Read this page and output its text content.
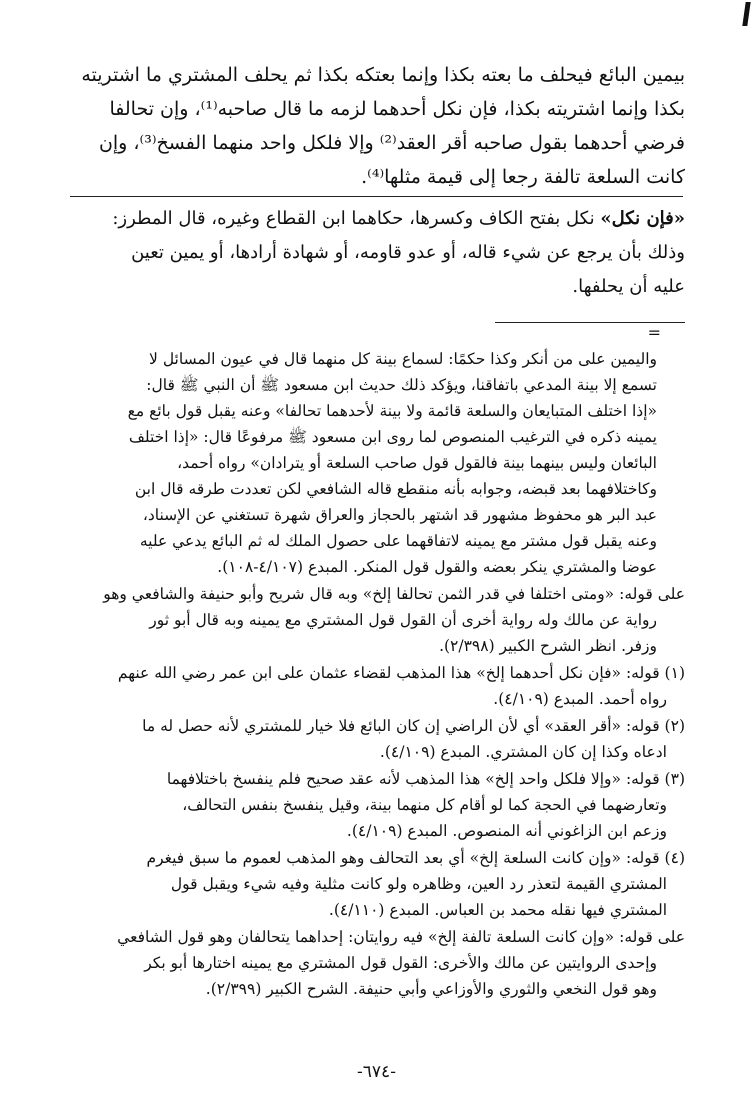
بيمين البائع فيحلف ما بعته بكذا وإنما بعتكه بكذا ثم يحلف المشتري ما اشتريته
بكذا وإنما اشتريته بكذا، فإن نكل أحدهما لزمه ما قال صاحبه⁽¹⁾، وإن تحالفا
فرضي أحدهما بقول صاحبه أقر العقد⁽²⁾ وإلا فلكل واحد منهما الفسخ⁽³⁾، وإن
كانت السلعة تالفة رجعا إلى قيمة مثلها⁽⁴⁾.
«فإن نكل» نكل بفتح الكاف وكسرها، حكاهما ابن القطاع وغيره، قال المطرز:
وذلك بأن يرجع عن شيء قاله، أو عدو قاومه، أو شهادة أرادها، أو يمين تعين
عليه أن يحلفها.
=
واليمين على من أنكر وكذا حكمًا: لسماع بينة كل منهما قال في عيون المسائل لا
تسمع إلا بينة المدعي باتفاقنا، ويؤكد ذلك حديث ابن مسعود ﷺ أن النبي ﷺ قال:
«إذا اختلف المتبايعان والسلعة قائمة ولا بينة لأحدهما تحالفا» وعنه يقبل قول بائع مع
يمينه ذكره في الترغيب المنصوص لما روى ابن مسعود ﷺ مرفوعًا قال: «إذا اختلف
البائعان وليس بينهما بينة فالقول قول صاحب السلعة أو يترادان» رواه أحمد،
وكاختلافهما بعد قبضه، وجوابه بأنه منقطع قاله الشافعي لكن تعددت طرقه قال ابن
عبد البر هو محفوظ مشهور قد اشتهر بالحجاز والعراق شهرة تستغني عن الإسناد،
وعنه يقبل قول مشتر مع يمينه لاتفاقهما على حصول الملك له ثم البائع يدعي عليه
عوضا والمشتري ينكر بعضه والقول قول المنكر. المبدع (٤/١٠٧-١٠٨).
على قوله: «ومتى اختلفا في قدر الثمن تحالفا إلخ» وبه قال شريح وأبو حنيفة والشافعي وهو
رواية عن مالك وله رواية أخرى أن القول قول المشتري مع يمينه وبه قال أبو ثور
وزفر. انظر الشرح الكبير (٢/٣٩٨).
(١) قوله: «فإن نكل أحدهما إلخ» هذا المذهب لقضاء عثمان على ابن عمر رضي الله عنهم
رواه أحمد. المبدع (٤/١٠٩).
(٢) قوله: «أقر العقد» أي لأن الراضي إن كان البائع فلا خيار للمشتري لأنه حصل له ما
ادعاه وكذا إن كان المشتري. المبدع (٤/١٠٩).
(٣) قوله: «وإلا فلكل واحد إلخ» هذا المذهب لأنه عقد صحيح فلم ينفسخ باختلافهما
وتعارضهما في الحجة كما لو أقام كل منهما بينة، وقيل ينفسخ بنفس التحالف،
وزعم ابن الزاغوني أنه المنصوص. المبدع (٤/١٠٩).
(٤) قوله: «وإن كانت السلعة إلخ» أي بعد التحالف وهو المذهب لعموم ما سبق فيغرم
المشتري القيمة لتعذر رد العين، وظاهره ولو كانت مثلية وفيه شيء ويقبل قول
المشتري فيها نقله محمد بن العباس. المبدع (٤/١١٠).
على قوله: «وإن كانت السلعة تالفة إلخ» فيه روايتان: إحداهما يتحالفان وهو قول الشافعي
وإحدى الروايتين عن مالك والأخرى: القول قول المشتري مع يمينه اختارها أبو بكر
وهو قول النخعي والثوري والأوزاعي وأبي حنيفة. الشرح الكبير (٢/٣٩٩).
-٦٧٤-
